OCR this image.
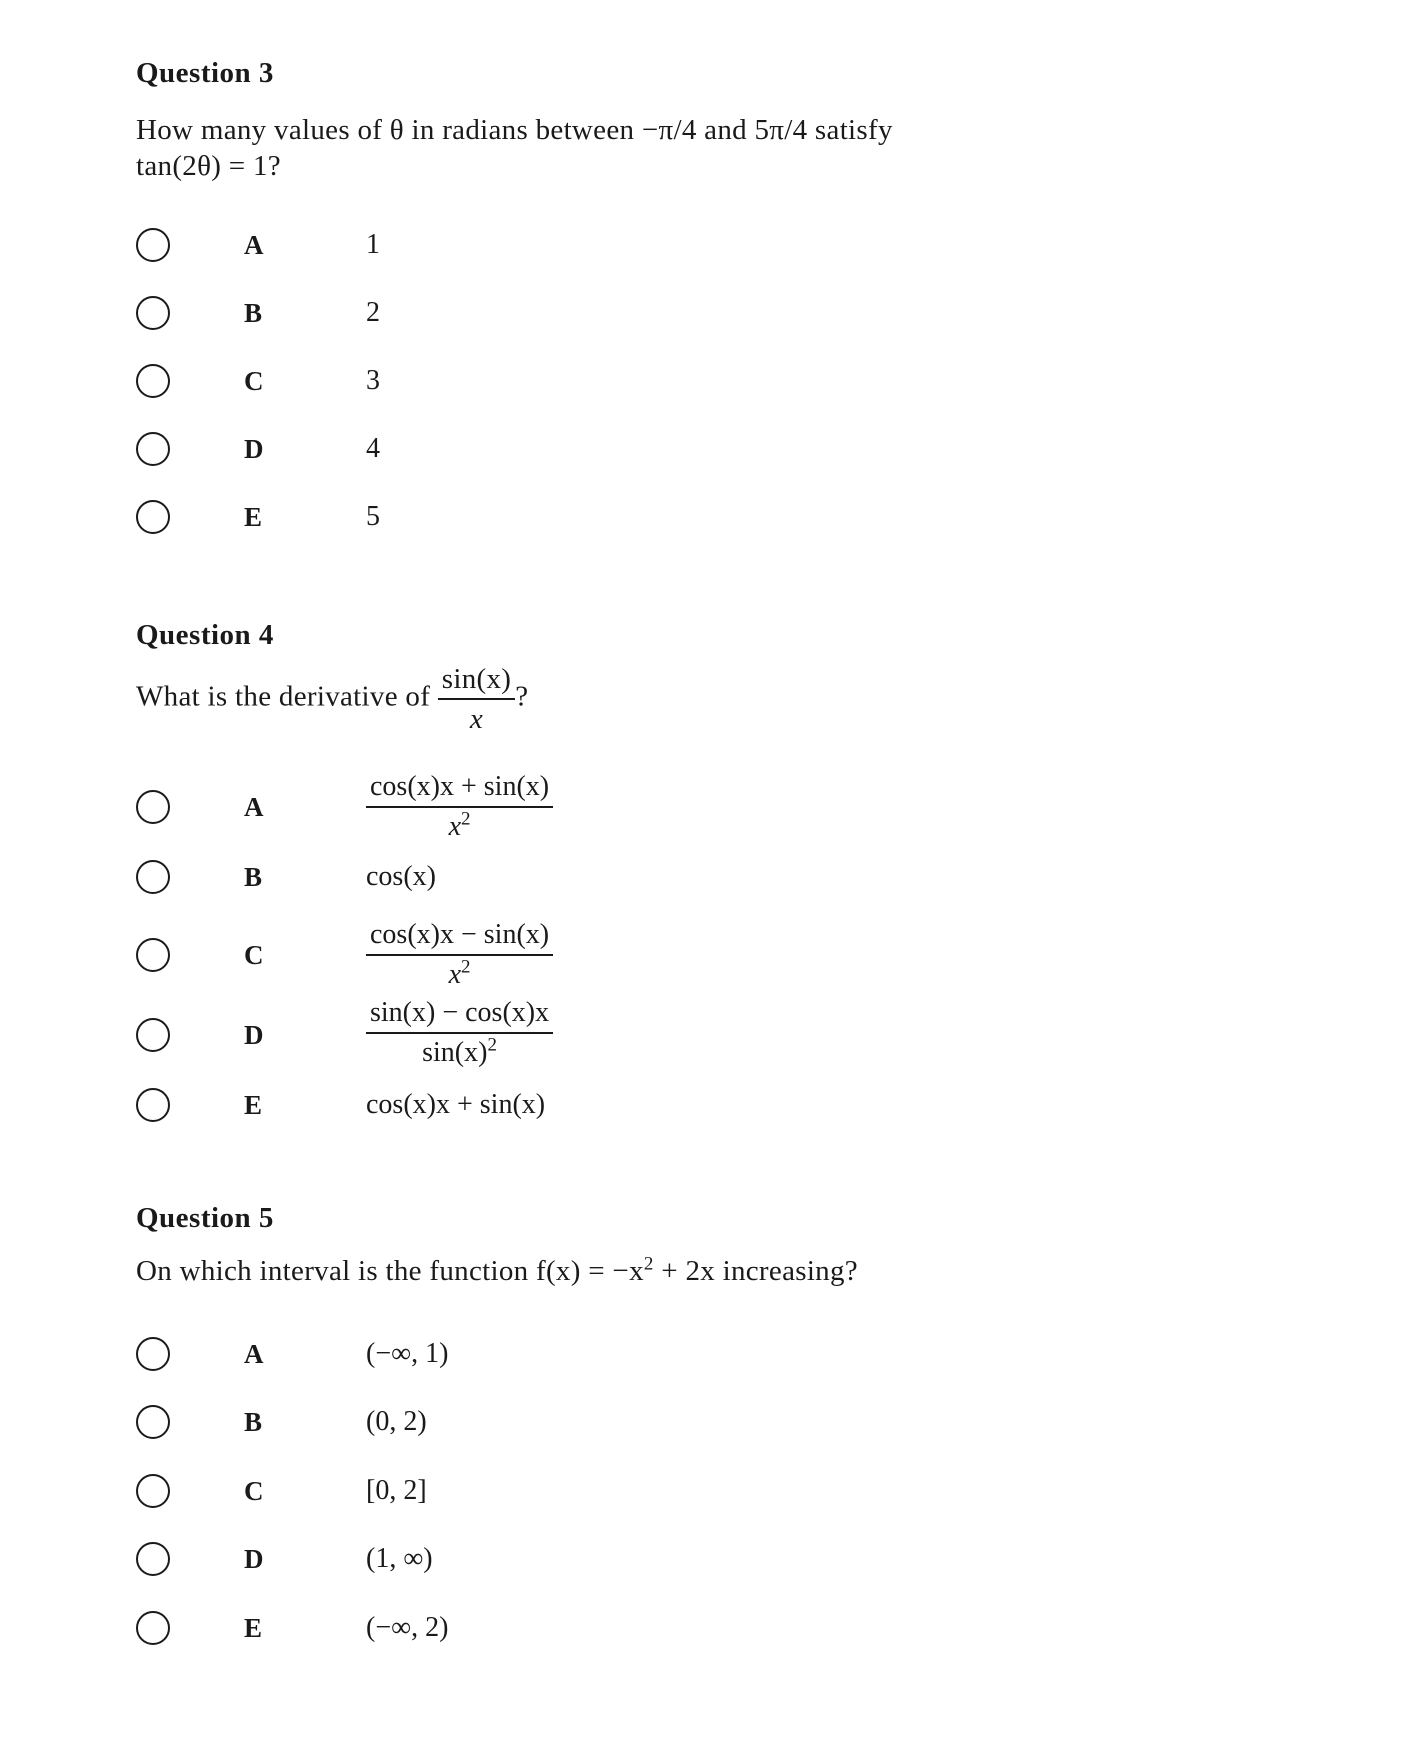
Question 3

How many values of θ in radians between −π/4 and 5π/4 satisfy
tan(2θ) = 1?

A	1
B	2
C	3
D	4
E	5

Question 4

What is the derivative of $\frac{\sin(x)}{x}$ ?

A	$\frac{\cos(x)x + \sin(x)}{x^2}$
B	cos(x)
C	$\frac{\cos(x)x - \sin(x)}{x^2}$
D	$\frac{\sin(x) - \cos(x)x}{\sin(x)^2}$
E	cos(x)x + sin(x)

Question 5

On which interval is the function $f(x) = -x^2 + 2x$ increasing?

A	(−∞, 1)
B	(0, 2)
C	[0, 2]
D	(1, ∞)
E	(−∞, 2)
